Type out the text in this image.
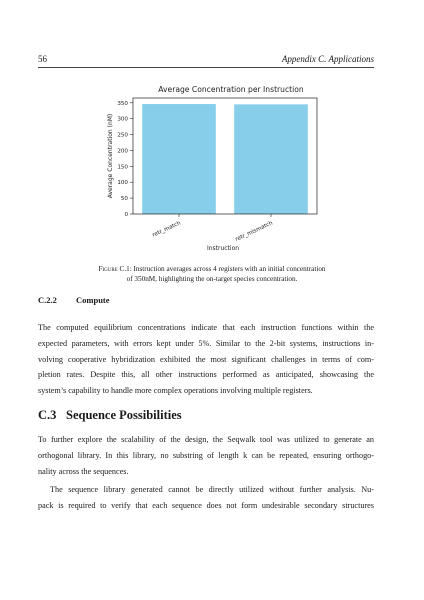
56	Appendix C. Applications
Average Concentration per Instruction
Average Concentration (nM)
Instruction
retr_match	retr_mismatch
0
50
100
150
200
250
300
350
Figure C.1: Instruction averages across 4 registers with an initial concentration
of 350nM, highlighting the on-target species concentration.
C.2.2 Compute
The computed equilibrium concentrations indicate that each instruction functions within the
expected parameters, with errors kept under 5%. Similar to the 2-bit systems, instructions in-
volving cooperative hybridization exhibited the most significant challenges in terms of com-
pletion rates. Despite this, all other instructions performed as anticipated, showcasing the
system’s capability to handle more complex operations involving multiple registers.
C.3 Sequence Possibilities
To further explore the scalability of the design, the Seqwalk tool was utilized to generate an
orthogonal library. In this library, no substring of length k can be repeated, ensuring orthogo-
nality across the sequences.
The sequence library generated cannot be directly utilized without further analysis. Nu-
pack is required to verify that each sequence does not form undesirable secondary structures
